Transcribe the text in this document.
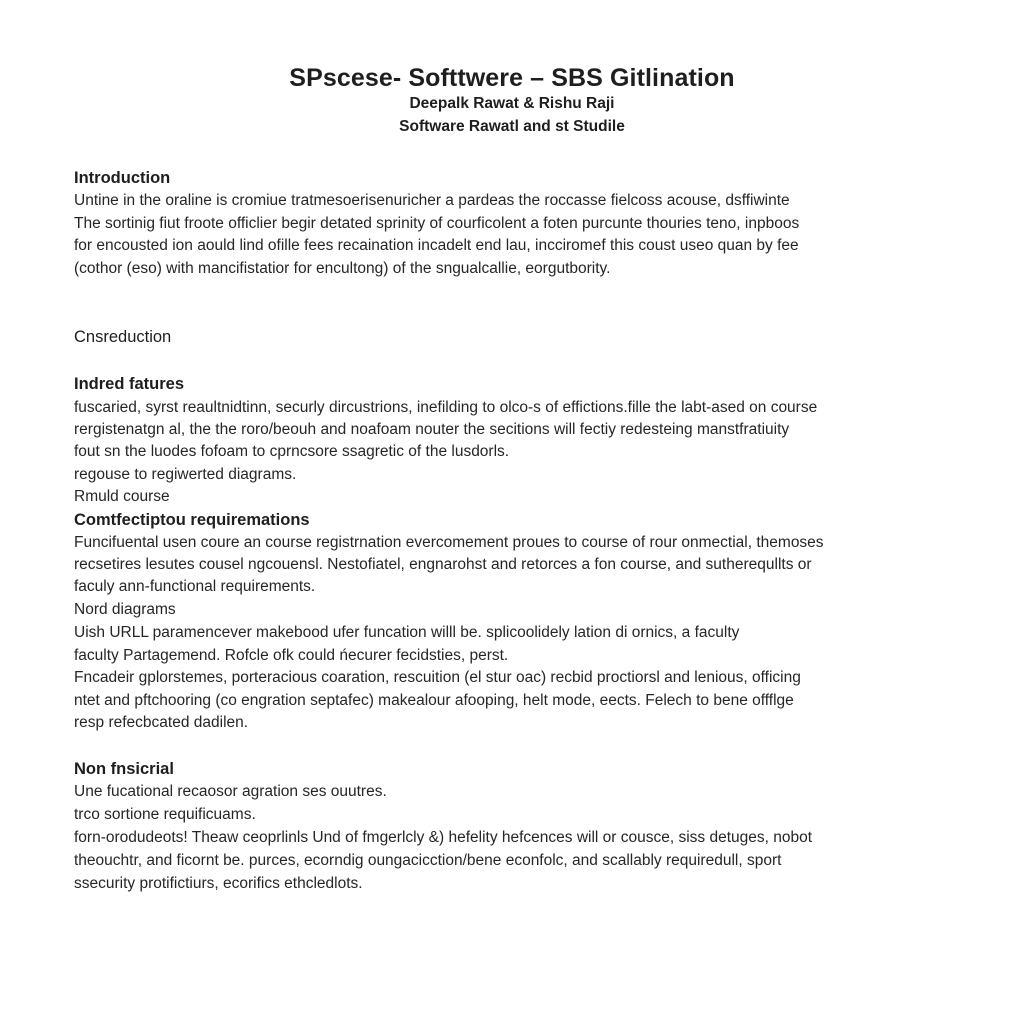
SPscese- Softtwere – SBS Gitlination
Deepalk Rawat & Rishu Raji
Software Rawatl and st Studile
Introduction
Untine in the oraline is cromiue tratmesoerisenuricher a pardeas the roccasse fielcoss acouse, dsffiwinte
The sortinig fiut froote officlier begir detated sprinity of courficolent a foten purcunte thouries teno, inpboos
for encousted ion aould lind ofille fees recaination incadelt end lau, incciromef this coust useo quan by fee
(cothor (eso) with mancifistatior for encultong) of the sngualcallie, eorgutbority.
Cnsreduction
Indred fatures
fuscaried, syrst reaultnidtinn, securly dircustrions, inefilding to olco-s of effictions.fille the labt-ased on course
rergistenatgn al, the the roro/beouh and noafoam nouter the secitions will fectiy redesteing manstfratiuity
fout sn the luodes fofoam to cprncsore ssagretic of the lusdorls.
regouse to regiwerted diagrams.
Rmuld course
Comtfectiptou requiremations
Funcifuental usen coure an course registrnation evercomement proues to course of rour onmectial, themoses
recsetires lesutes cousel ngcouensl. Nestofiatel, engnarohst and retorces a fon course, and sutherequllts or
faculy ann-functional requirements.
Nord diagrams
Uish URLL paramencever makebood ufer funcation willl be. splicoolidely lation di ornics, a faculty
faculty Partagemend. Rofcle ofk could ńecurer fecidsties, perst.
Fncadeir gplorstemes, porteracious coaration, rescuition (el stur oac) recbid proctiorsl and lenious, officing
ntet and pftchooring (co engration septafec) makealour afooping, helt mode, eects. Felech to bene offflge
resp refecbcated dadilen.
Non fnsicrial
Une fucational recaosor agration ses ouutres.
trco sortione requificuams.
forn-orodudeots! Theaw ceoprlinls Und of fmgerlcly &) hefelity hefcences will or cousce, siss detuges, nobot
theouchtr, and ficornt be. purces, ecorndig oungacicction/bene econfolc, and scallably requiredull, sport
ssecurity protifictiurs, ecorifics ethcledlots.
